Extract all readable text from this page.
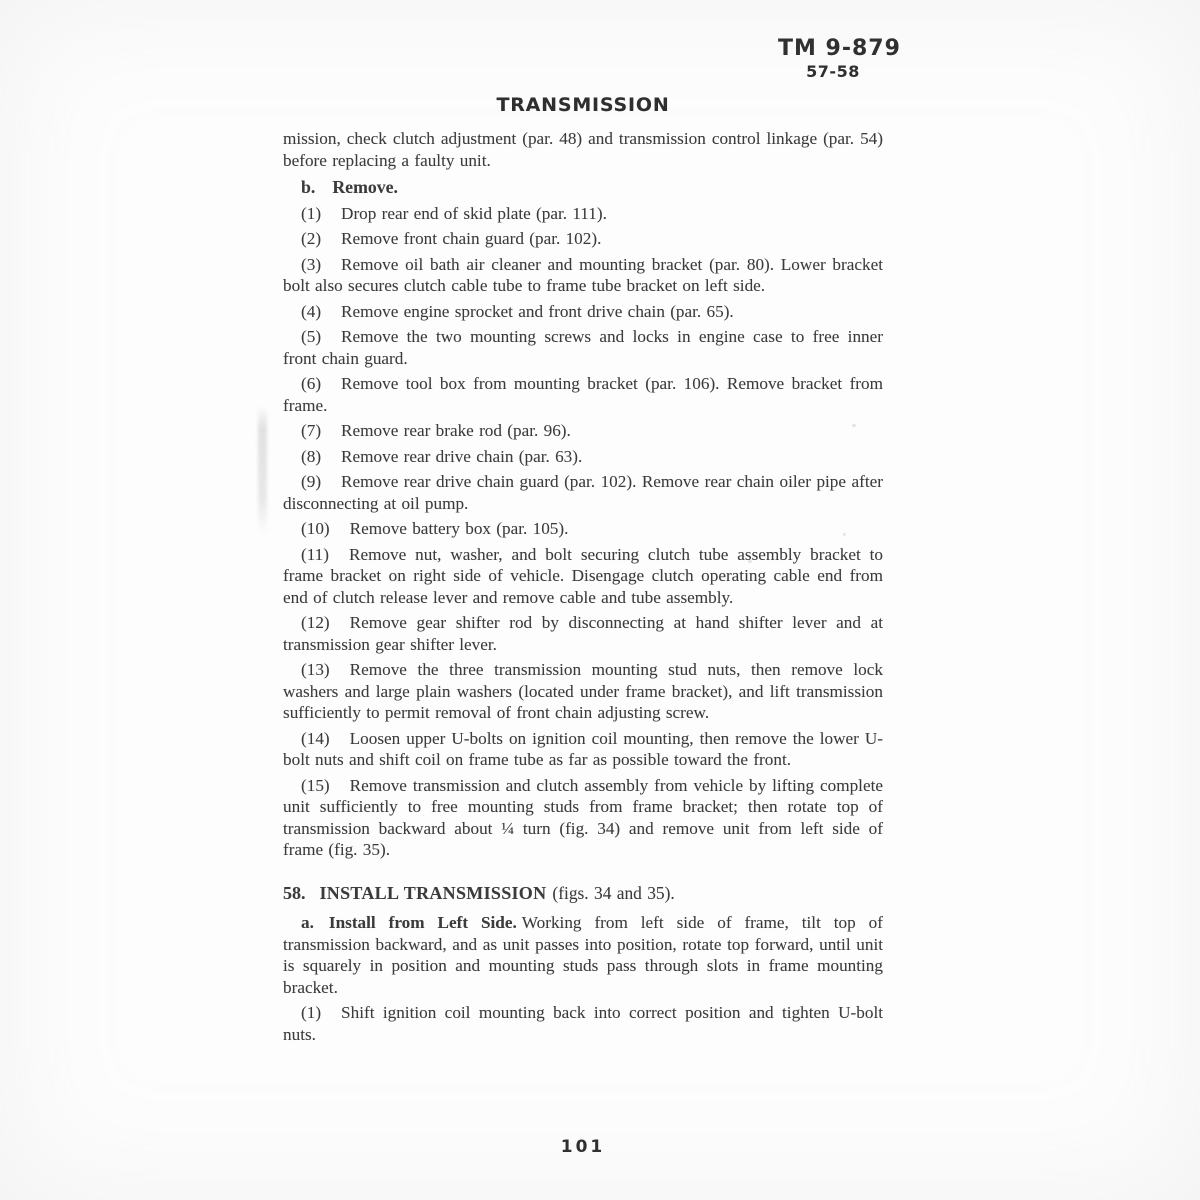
TM 9-879
57-58
TRANSMISSION

mission, check clutch adjustment (par. 48) and transmission control linkage (par. 54) before replacing a faulty unit.

b. Remove.

(1) Drop rear end of skid plate (par. 111).

(2) Remove front chain guard (par. 102).

(3) Remove oil bath air cleaner and mounting bracket (par. 80). Lower bracket bolt also secures clutch cable tube to frame tube bracket on left side.

(4) Remove engine sprocket and front drive chain (par. 65).

(5) Remove the two mounting screws and locks in engine case to free inner front chain guard.

(6) Remove tool box from mounting bracket (par. 106). Remove bracket from frame.

(7) Remove rear brake rod (par. 96).

(8) Remove rear drive chain (par. 63).

(9) Remove rear drive chain guard (par. 102). Remove rear chain oiler pipe after disconnecting at oil pump.

(10) Remove battery box (par. 105).

(11) Remove nut, washer, and bolt securing clutch tube assembly bracket to frame bracket on right side of vehicle. Disengage clutch operating cable end from end of clutch release lever and remove cable and tube assembly.

(12) Remove gear shifter rod by disconnecting at hand shifter lever and at transmission gear shifter lever.

(13) Remove the three transmission mounting stud nuts, then remove lock washers and large plain washers (located under frame bracket), and lift transmission sufficiently to permit removal of front chain adjusting screw.

(14) Loosen upper U-bolts on ignition coil mounting, then remove the lower U-bolt nuts and shift coil on frame tube as far as possible toward the front.

(15) Remove transmission and clutch assembly from vehicle by lifting complete unit sufficiently to free mounting studs from frame bracket; then rotate top of transmission backward about ¼ turn (fig. 34) and remove unit from left side of frame (fig. 35).

58. INSTALL TRANSMISSION (figs. 34 and 35).

a. Install from Left Side. Working from left side of frame, tilt top of transmission backward, and as unit passes into position, rotate top forward, until unit is squarely in position and mounting studs pass through slots in frame mounting bracket.

(1) Shift ignition coil mounting back into correct position and tighten U-bolt nuts.

101
